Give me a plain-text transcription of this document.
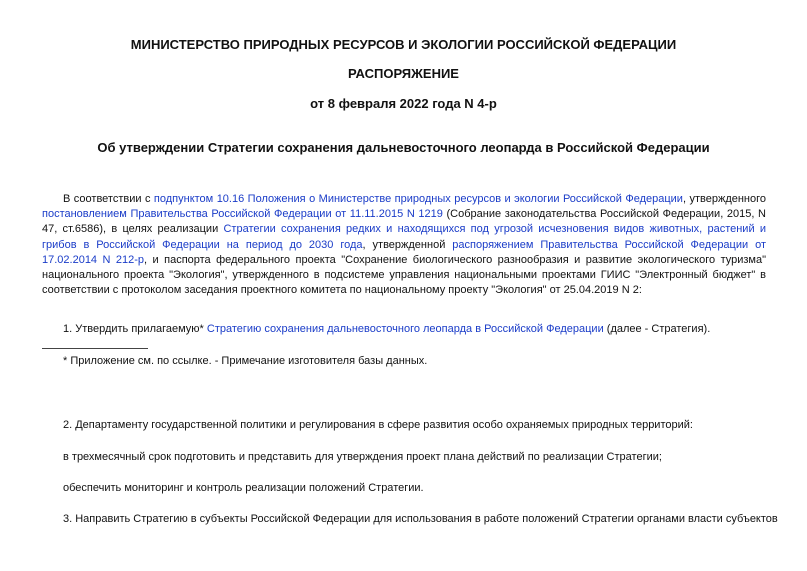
МИНИСТЕРСТВО ПРИРОДНЫХ РЕСУРСОВ И ЭКОЛОГИИ РОССИЙСКОЙ ФЕДЕРАЦИИ
РАСПОРЯЖЕНИЕ
от 8 февраля 2022 года N 4-р
Об утверждении Стратегии сохранения дальневосточного леопарда в Российской Федерации
В соответствии с подпунктом 10.16 Положения о Министерстве природных ресурсов и экологии Российской Федерации, утвержденного постановлением Правительства Российской Федерации от 11.11.2015 N 1219 (Собрание законодательства Российской Федерации, 2015, N 47, ст.6586), в целях реализации Стратегии сохранения редких и находящихся под угрозой исчезновения видов животных, растений и грибов в Российской Федерации на период до 2030 года, утвержденной распоряжением Правительства Российской Федерации от 17.02.2014 N 212-р, и паспорта федерального проекта "Сохранение биологического разнообразия и развитие экологического туризма" национального проекта "Экология", утвержденного в подсистеме управления национальными проектами ГИИС "Электронный бюджет" в соответствии с протоколом заседания проектного комитета по национальному проекту "Экология" от 25.04.2019 N 2:
1. Утвердить прилагаемую* Стратегию сохранения дальневосточного леопарда в Российской Федерации (далее - Стратегия).
* Приложение см. по ссылке. - Примечание изготовителя базы данных.
2. Департаменту государственной политики и регулирования в сфере развития особо охраняемых природных территорий:
в трехмесячный срок подготовить и представить для утверждения проект плана действий по реализации Стратегии;
обеспечить мониторинг и контроль реализации положений Стратегии.
3. Направить Стратегию в субъекты Российской Федерации для использования в работе положений Стратегии органами власти субъектов
